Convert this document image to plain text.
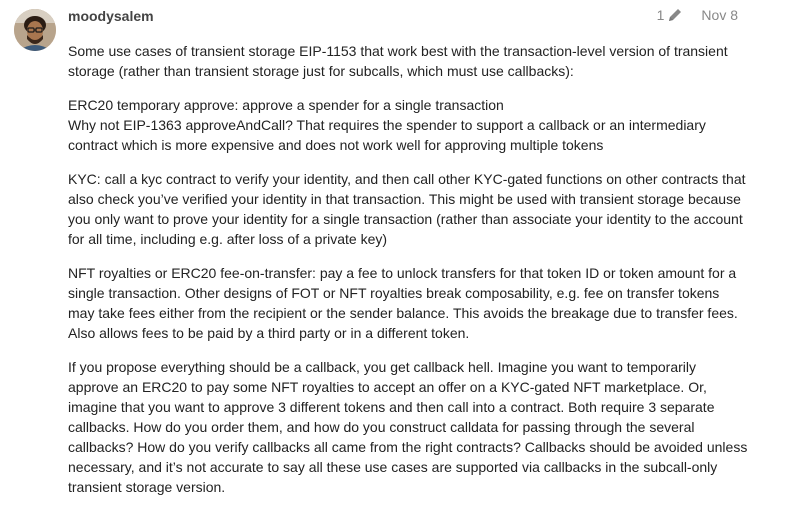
moodysalem	1	Nov 8

Some use cases of transient storage EIP-1153 that work best with the transaction-level version of transient storage (rather than transient storage just for subcalls, which must use callbacks):

ERC20 temporary approve: approve a spender for a single transaction
Why not EIP-1363 approveAndCall? That requires the spender to support a callback or an intermediary contract which is more expensive and does not work well for approving multiple tokens

KYC: call a kyc contract to verify your identity, and then call other KYC-gated functions on other contracts that also check you’ve verified your identity in that transaction. This might be used with transient storage because you only want to prove your identity for a single transaction (rather than associate your identity to the account for all time, including e.g. after loss of a private key)

NFT royalties or ERC20 fee-on-transfer: pay a fee to unlock transfers for that token ID or token amount for a single transaction. Other designs of FOT or NFT royalties break composability, e.g. fee on transfer tokens may take fees either from the recipient or the sender balance. This avoids the breakage due to transfer fees. Also allows fees to be paid by a third party or in a different token.

If you propose everything should be a callback, you get callback hell. Imagine you want to temporarily approve an ERC20 to pay some NFT royalties to accept an offer on a KYC-gated NFT marketplace. Or, imagine that you want to approve 3 different tokens and then call into a contract. Both require 3 separate callbacks. How do you order them, and how do you construct calldata for passing through the several callbacks? How do you verify callbacks all came from the right contracts? Callbacks should be avoided unless necessary, and it’s not accurate to say all these use cases are supported via callbacks in the subcall-only transient storage version.
